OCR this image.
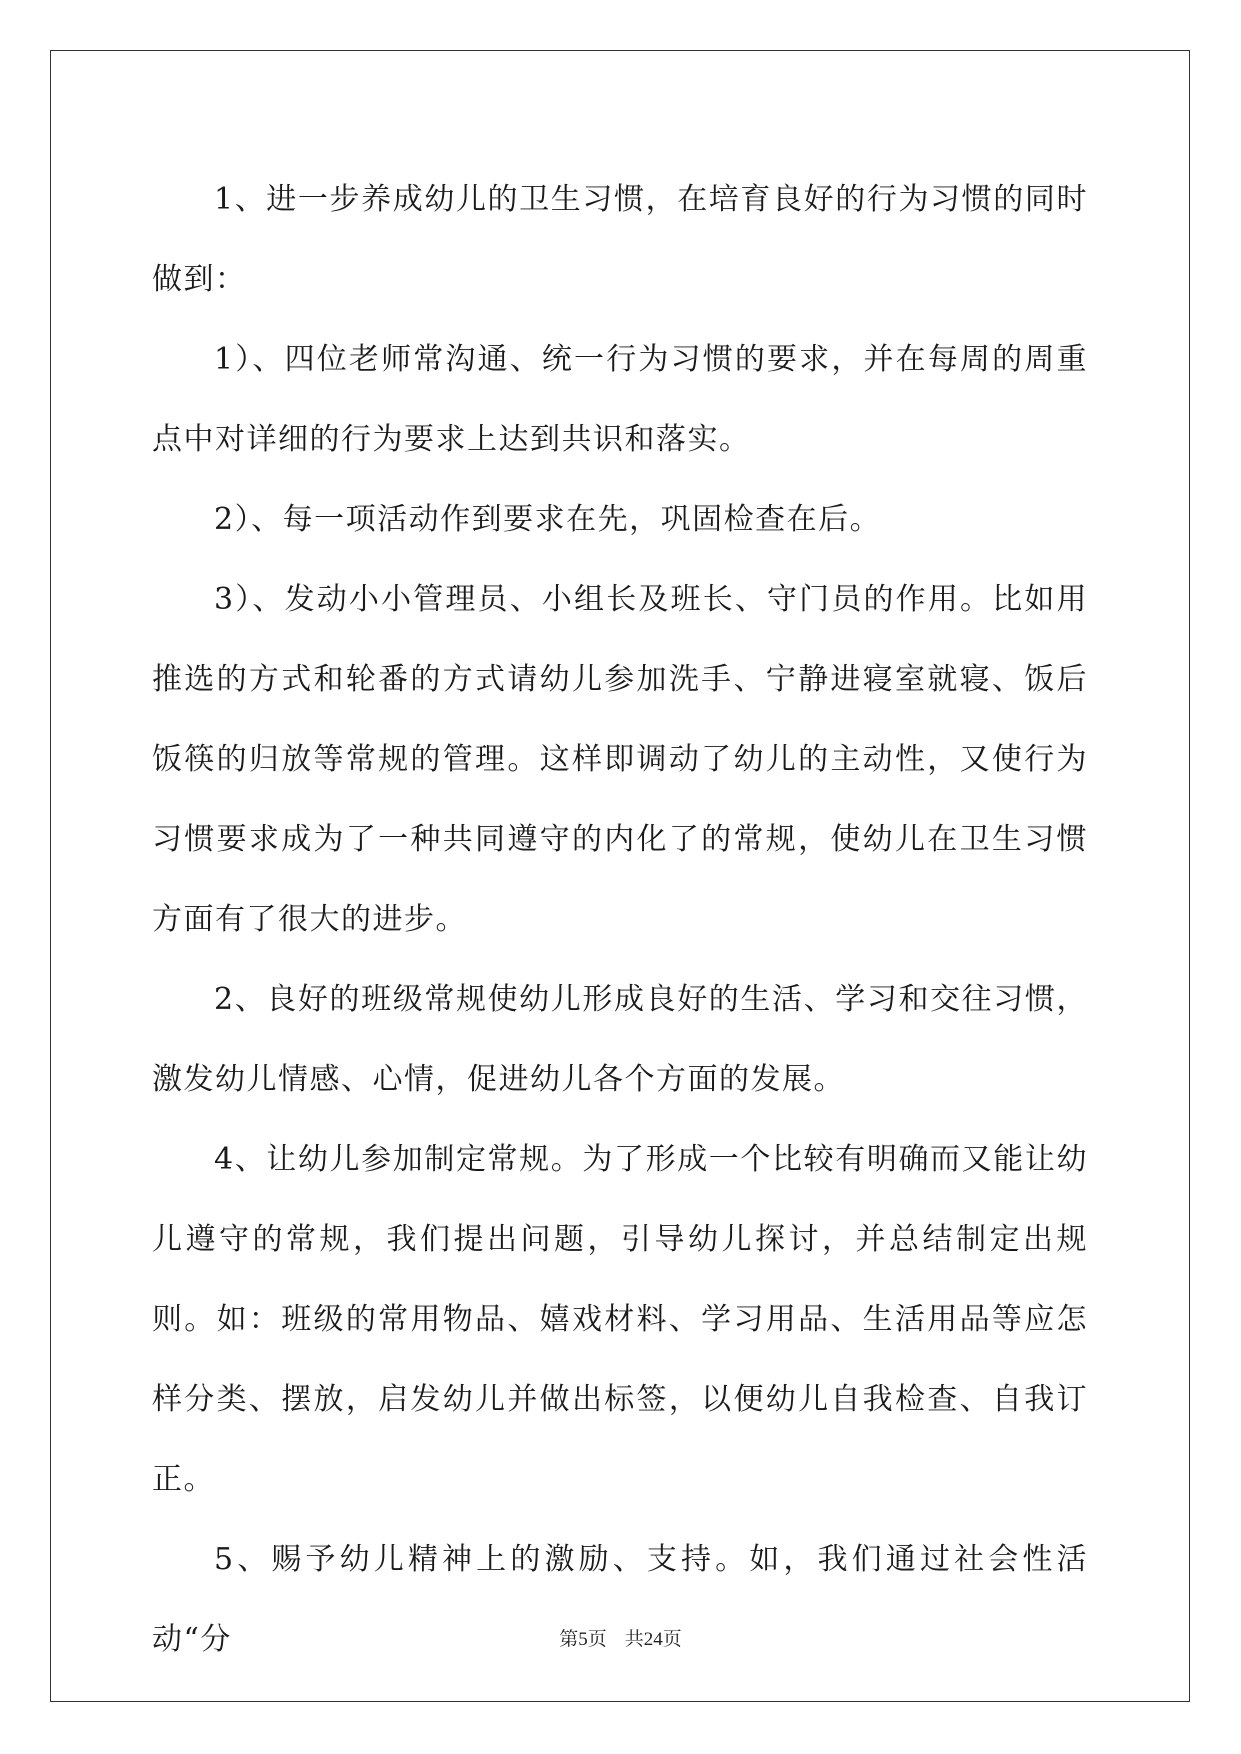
1、进一步养成幼儿的卫生习惯，在培育良好的行为习惯的同时做到：

1）、四位老师常沟通、统一行为习惯的要求，并在每周的周重点中对详细的行为要求上达到共识和落实。

2）、每一项活动作到要求在先，巩固检查在后。

3）、发动小小管理员、小组长及班长、守门员的作用。比如用推选的方式和轮番的方式请幼儿参加洗手、宁静进寝室就寝、饭后饭筷的归放等常规的管理。这样即调动了幼儿的主动性，又使行为习惯要求成为了一种共同遵守的内化了的常规，使幼儿在卫生习惯方面有了很大的进步。

2、良好的班级常规使幼儿形成良好的生活、学习和交往习惯，激发幼儿情感、心情，促进幼儿各个方面的发展。

4、让幼儿参加制定常规。为了形成一个比较有明确而又能让幼儿遵守的常规，我们提出问题，引导幼儿探讨，并总结制定出规则。如：班级的常用物品、嬉戏材料、学习用品、生活用品等应怎样分类、摆放，启发幼儿并做出标签，以便幼儿自我检查、自我订正。

5、赐予幼儿精神上的激励、支持。如，我们通过社会性活动“分	第5页 共24页
